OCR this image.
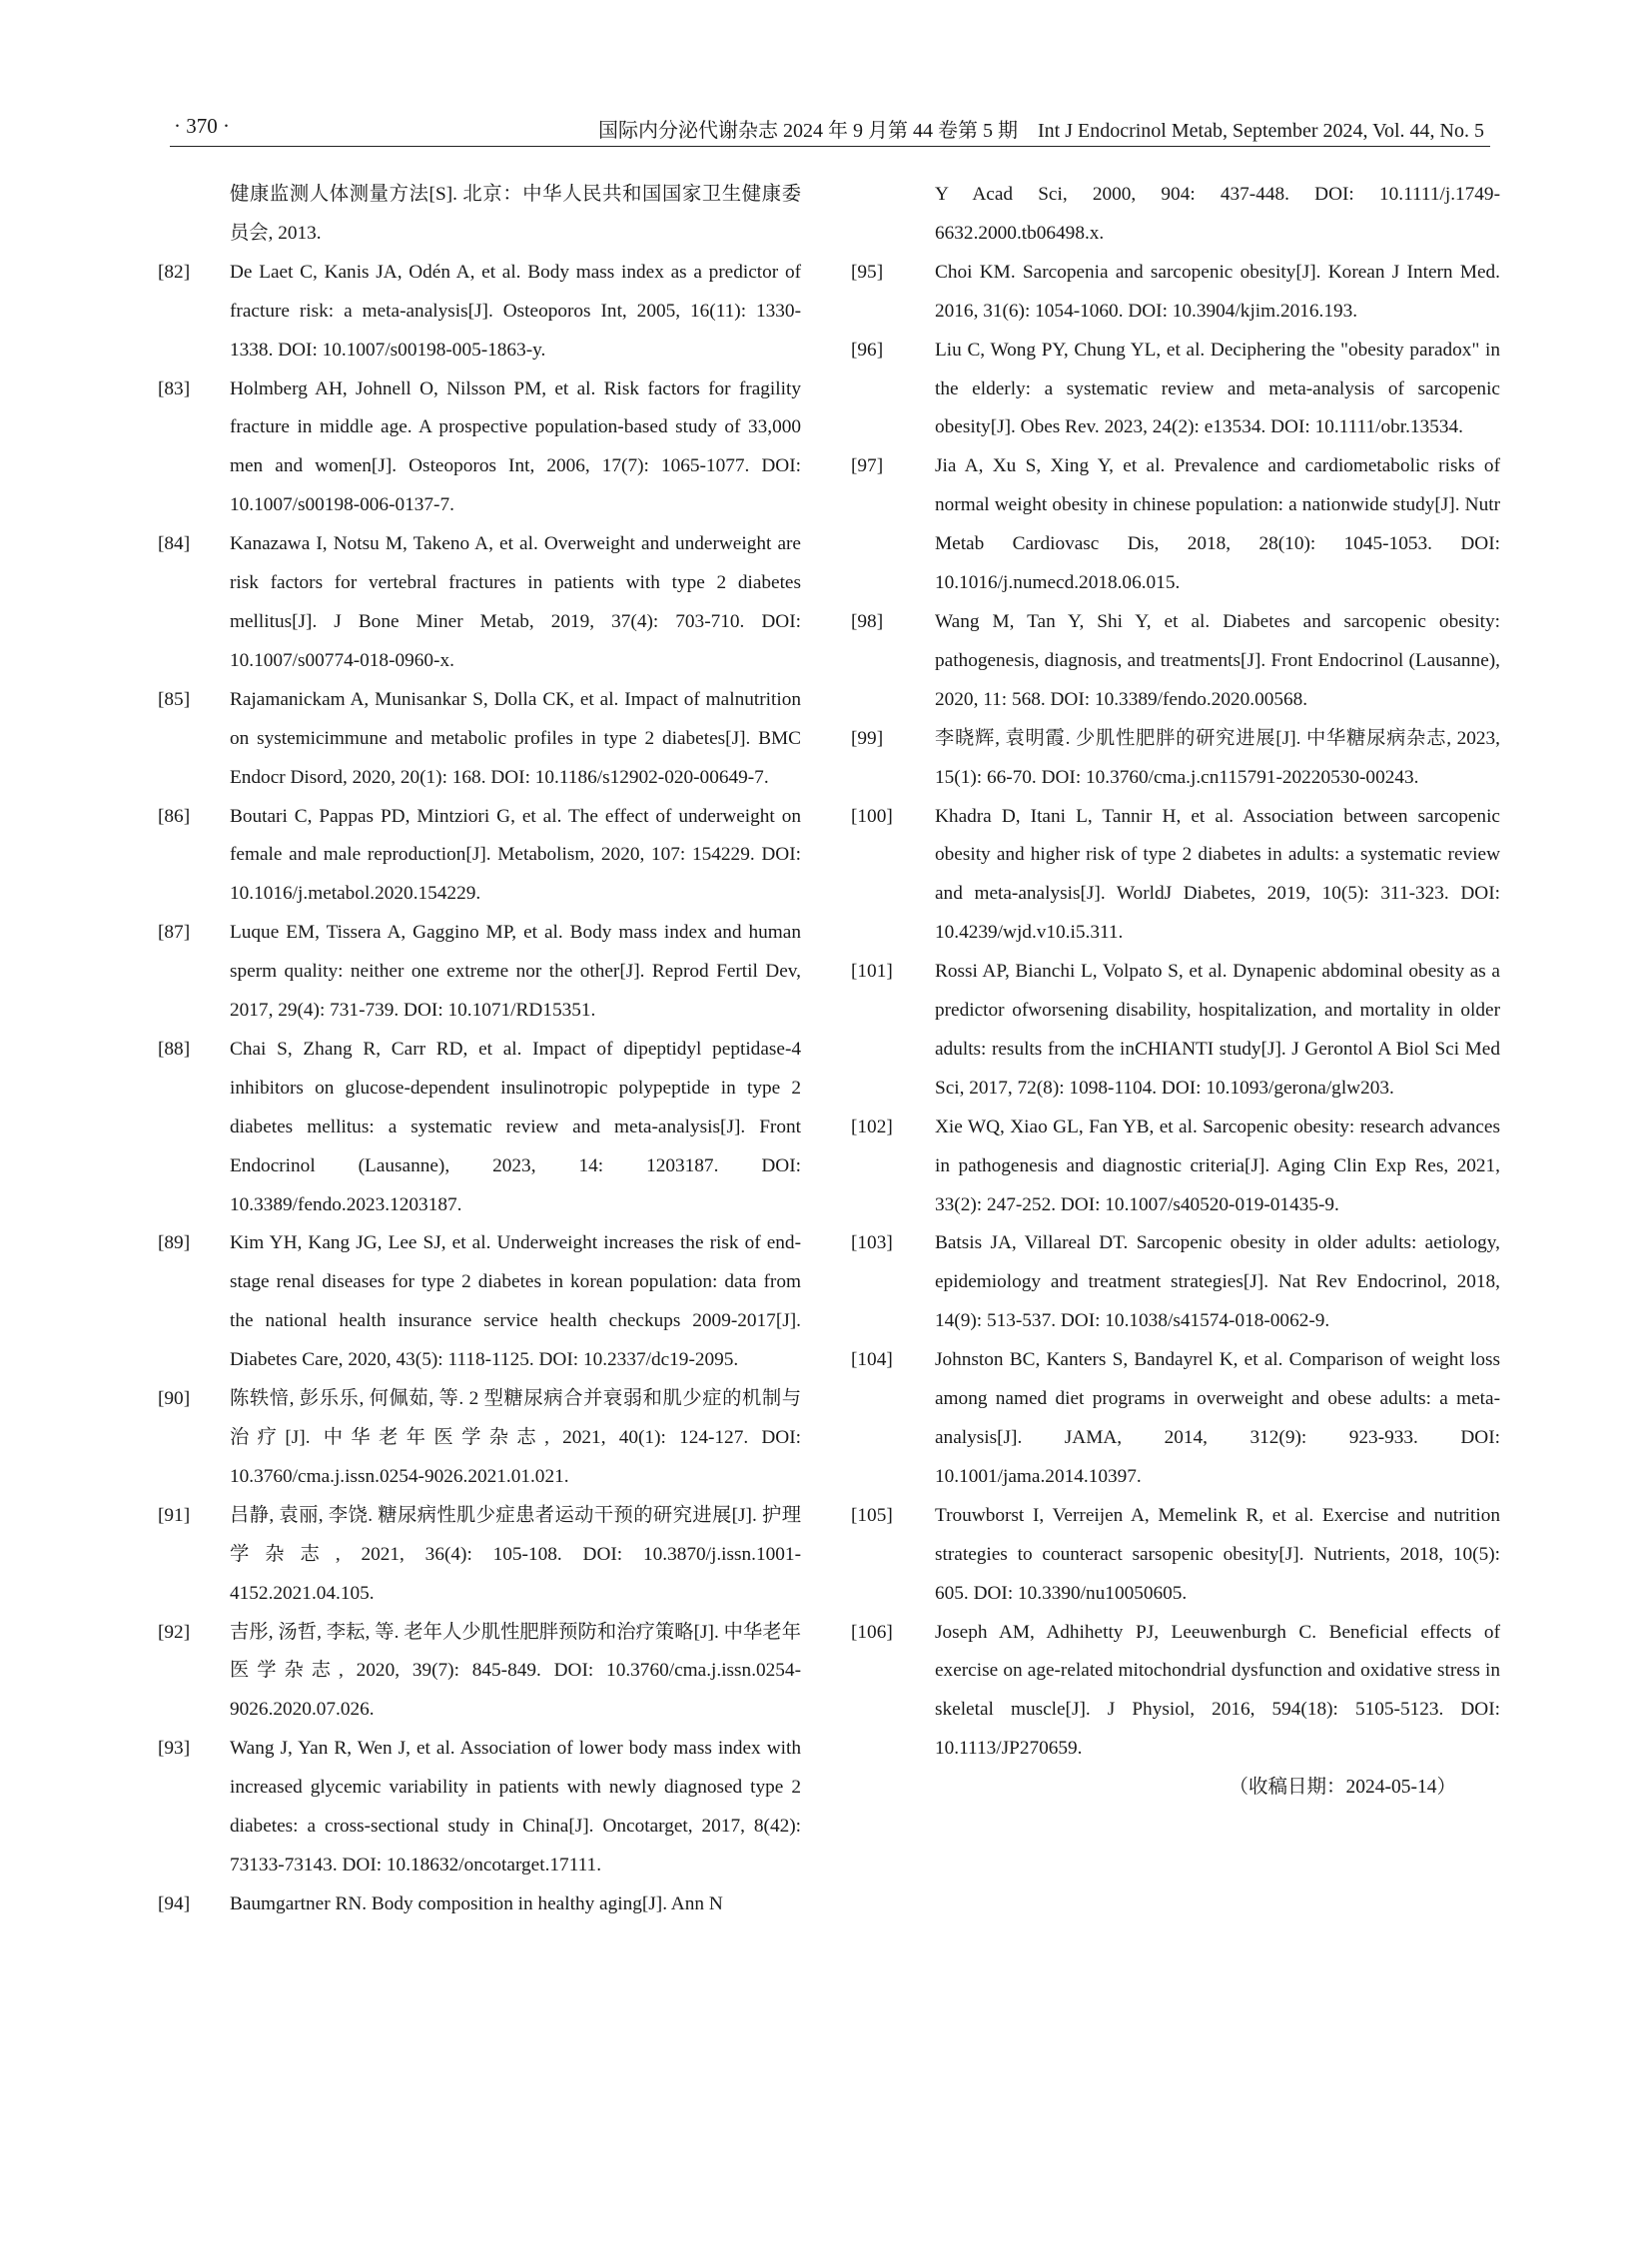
· 370 ·	国际内分泌代谢杂志 2024 年 9 月第 44 卷第 5 期　Int J Endocrinol Metab, September 2024, Vol. 44, No. 5
健康监测人体测量方法[S]. 北京：中华人民共和国国家卫生健康委员会, 2013.
[82] De Laet C, Kanis JA, Odén A, et al. Body mass index as a predictor of fracture risk: a meta-analysis[J]. Osteoporos Int, 2005, 16(11): 1330-1338. DOI: 10.1007/s00198-005-1863-y.
[83] Holmberg AH, Johnell O, Nilsson PM, et al. Risk factors for fragility fracture in middle age. A prospective population-based study of 33,000 men and women[J]. Osteoporos Int, 2006, 17(7): 1065-1077. DOI: 10.1007/s00198-006-0137-7.
[84] Kanazawa I, Notsu M, Takeno A, et al. Overweight and underweight are risk factors for vertebral fractures in patients with type 2 diabetes mellitus[J]. J Bone Miner Metab, 2019, 37(4): 703-710. DOI: 10.1007/s00774-018-0960-x.
[85] Rajamanickam A, Munisankar S, Dolla CK, et al. Impact of malnutrition on systemicimmune and metabolic profiles in type 2 diabetes[J]. BMC Endocr Disord, 2020, 20(1): 168. DOI: 10.1186/s12902-020-00649-7.
[86] Boutari C, Pappas PD, Mintziori G, et al. The effect of underweight on female and male reproduction[J]. Metabolism, 2020, 107: 154229. DOI: 10.1016/j.metabol.2020.154229.
[87] Luque EM, Tissera A, Gaggino MP, et al. Body mass index and human sperm quality: neither one extreme nor the other[J]. Reprod Fertil Dev, 2017, 29(4): 731-739. DOI: 10.1071/RD15351.
[88] Chai S, Zhang R, Carr RD, et al. Impact of dipeptidyl peptidase-4 inhibitors on glucose-dependent insulinotropic polypeptide in type 2 diabetes mellitus: a systematic review and meta-analysis[J]. Front Endocrinol (Lausanne), 2023, 14: 1203187. DOI: 10.3389/fendo.2023.1203187.
[89] Kim YH, Kang JG, Lee SJ, et al. Underweight increases the risk of end-stage renal diseases for type 2 diabetes in korean population: data from the national health insurance service health checkups 2009-2017[J]. Diabetes Care, 2020, 43(5): 1118-1125. DOI: 10.2337/dc19-2095.
[90] 陈轶愔, 彭乐乐, 何佩茹, 等. 2 型糖尿病合并衰弱和肌少症的机制与治疗[J]. 中华老年医学杂志, 2021, 40(1): 124-127. DOI: 10.3760/cma.j.issn.0254-9026.2021.01.021.
[91] 吕静, 袁丽, 李饶. 糖尿病性肌少症患者运动干预的研究进展[J]. 护理学杂志, 2021, 36(4): 105-108. DOI: 10.3870/j.issn.1001-4152.2021.04.105.
[92] 吉彤, 汤哲, 李耘, 等. 老年人少肌性肥胖预防和治疗策略[J]. 中华老年医学杂志, 2020, 39(7): 845-849. DOI: 10.3760/cma.j.issn.0254-9026.2020.07.026.
[93] Wang J, Yan R, Wen J, et al. Association of lower body mass index with increased glycemic variability in patients with newly diagnosed type 2 diabetes: a cross-sectional study in China[J]. Oncotarget, 2017, 8(42): 73133-73143. DOI: 10.18632/oncotarget.17111.
[94] Baumgartner RN. Body composition in healthy aging[J]. Ann N
Y Acad Sci, 2000, 904: 437-448. DOI: 10.1111/j.1749-6632.2000.tb06498.x.
[95]	Choi KM. Sarcopenia and sarcopenic obesity[J]. Korean J Intern Med. 2016, 31(6): 1054-1060. DOI: 10.3904/kjim.2016.193.
[96]	Liu C, Wong PY, Chung YL, et al. Deciphering the "obesity paradox" in the elderly: a systematic review and meta-analysis of sarcopenic obesity[J]. Obes Rev. 2023, 24(2): e13534. DOI: 10.1111/obr.13534.
[97]	Jia A, Xu S, Xing Y, et al. Prevalence and cardiometabolic risks of normal weight obesity in chinese population: a nationwide study[J]. Nutr Metab Cardiovasc Dis, 2018, 28(10): 1045-1053. DOI: 10.1016/j.numecd.2018.06.015.
[98]	Wang M, Tan Y, Shi Y, et al. Diabetes and sarcopenic obesity: pathogenesis, diagnosis, and treatments[J]. Front Endocrinol (Lausanne), 2020, 11: 568. DOI: 10.3389/fendo.2020.00568.
[99]	李晓辉, 袁明霞. 少肌性肥胖的研究进展[J]. 中华糖尿病杂志, 2023, 15(1): 66-70. DOI: 10.3760/cma.j.cn115791-20220530-00243.
[100] Khadra D, Itani L, Tannir H, et al. Association between sarcopenic obesity and higher risk of type 2 diabetes in adults: a systematic review and meta-analysis[J]. WorldJ Diabetes, 2019, 10(5): 311-323. DOI: 10.4239/wjd.v10.i5.311.
[101] Rossi AP, Bianchi L, Volpato S, et al. Dynapenic abdominal obesity as a predictor ofworsening disability, hospitalization, and mortality in older adults: results from the inCHIANTI study[J]. J Gerontol A Biol Sci Med Sci, 2017, 72(8): 1098-1104. DOI: 10.1093/gerona/glw203.
[102] Xie WQ, Xiao GL, Fan YB, et al. Sarcopenic obesity: research advances in pathogenesis and diagnostic criteria[J]. Aging Clin Exp Res, 2021, 33(2): 247-252. DOI: 10.1007/s40520-019-01435-9.
[103] Batsis JA, Villareal DT. Sarcopenic obesity in older adults: aetiology, epidemiology and treatment strategies[J]. Nat Rev Endocrinol, 2018, 14(9): 513-537. DOI: 10.1038/s41574-018-0062-9.
[104] Johnston BC, Kanters S, Bandayrel K, et al. Comparison of weight loss among named diet programs in overweight and obese adults: a meta-analysis[J]. JAMA, 2014, 312(9): 923-933. DOI: 10.1001/jama.2014.10397.
[105] Trouwborst I, Verreijen A, Memelink R, et al. Exercise and nutrition strategies to counteract sarsopenic obesity[J]. Nutrients, 2018, 10(5): 605. DOI: 10.3390/nu10050605.
[106] Joseph AM, Adhihetty PJ, Leeuwenburgh C. Beneficial effects of exercise on age-related mitochondrial dysfunction and oxidative stress in skeletal muscle[J]. J Physiol, 2016, 594(18): 5105-5123. DOI: 10.1113/JP270659.
（收稿日期：2024-05-14）
